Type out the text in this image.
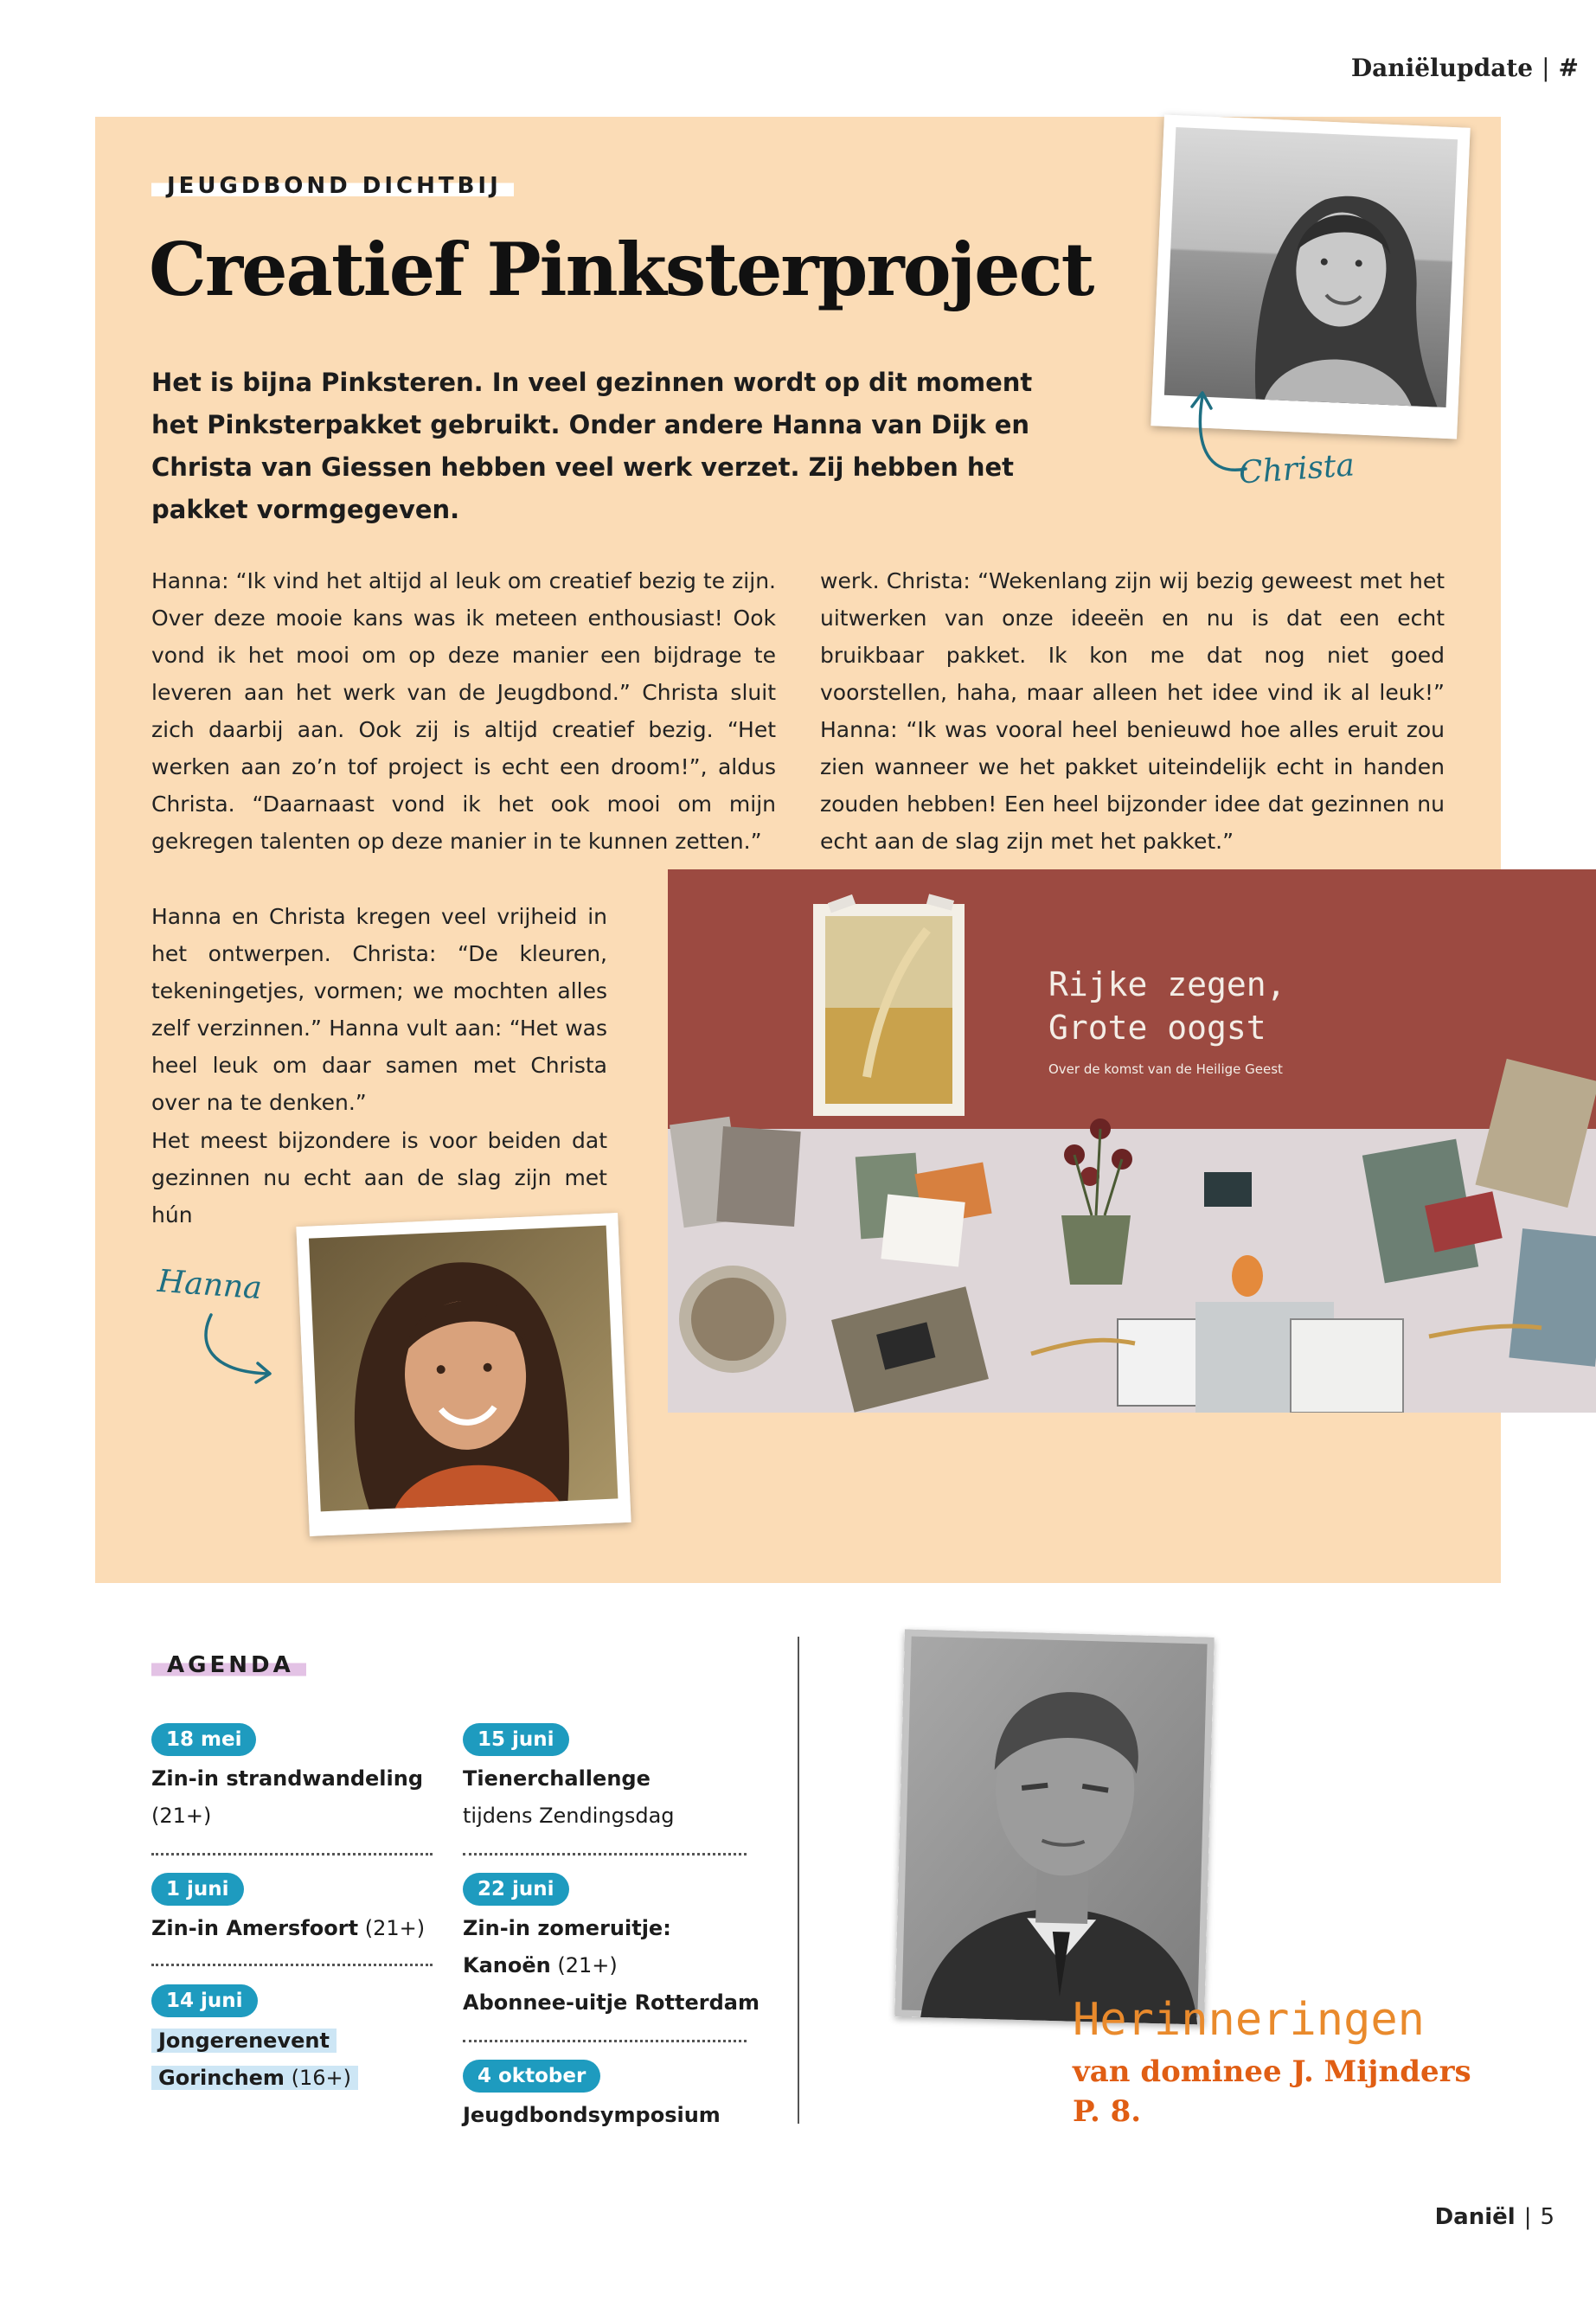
Daniëlupdate | #
JEUGDBOND DICHTBIJ
Creatief Pinksterproject
Het is bijna Pinksteren. In veel gezinnen wordt op dit moment het Pinksterpakket gebruikt. Onder andere Hanna van Dijk en Christa van Giessen hebben veel werk verzet. Zij hebben het pakket vormgegeven.

Hanna: “Ik vind het altijd al leuk om creatief bezig te zijn. Over deze mooie kans was ik meteen enthousiast! Ook vond ik het mooi om op deze manier een bijdrage te leveren aan het werk van de Jeugdbond.” Christa sluit zich daarbij aan. Ook zij is altijd creatief bezig. “Het werken aan zo’n tof project is echt een droom!”, aldus Christa. “Daarnaast vond ik het ook mooi om mijn gekregen talenten op deze manier in te kunnen zetten.”

werk. Christa: “Wekenlang zijn wij bezig geweest met het uitwerken van onze ideeën en nu is dat een echt bruikbaar pakket. Ik kon me dat nog niet goed voorstellen, haha, maar alleen het idee vind ik al leuk!” Hanna: “Ik was vooral heel benieuwd hoe alles eruit zou zien wanneer we het pakket uiteindelijk echt in handen zouden hebben! Een heel bijzonder idee dat gezinnen nu echt aan de slag zijn met het pakket.”

Hanna en Christa kregen veel vrijheid in het ontwerpen. Christa: “De kleuren, tekeningetjes, vormen; we mochten alles zelf verzinnen.” Hanna vult aan: “Het was heel leuk om daar samen met Christa over na te denken.”

Het meest bijzondere is voor beiden dat gezinnen nu echt aan de slag zijn met hún

Christa
Hanna
Rijke zegen,
Grote oogst
Over de komst van de Heilige Geest
AGENDA
18 mei
Zin-in strandwandeling
(21+)
1 juni
Zin-in Amersfoort (21+)
14 juni
Jongerenevent
Gorinchem (16+)
15 juni
Tienerchallenge
tijdens Zendingsdag
22 juni
Zin-in zomeruitje:
Kanoën (21+)
Abonnee-uitje Rotterdam
4 oktober
Jeugdbondsymposium
Herinneringen
van dominee J. Mijnders
P. 8.
Daniël | 5
